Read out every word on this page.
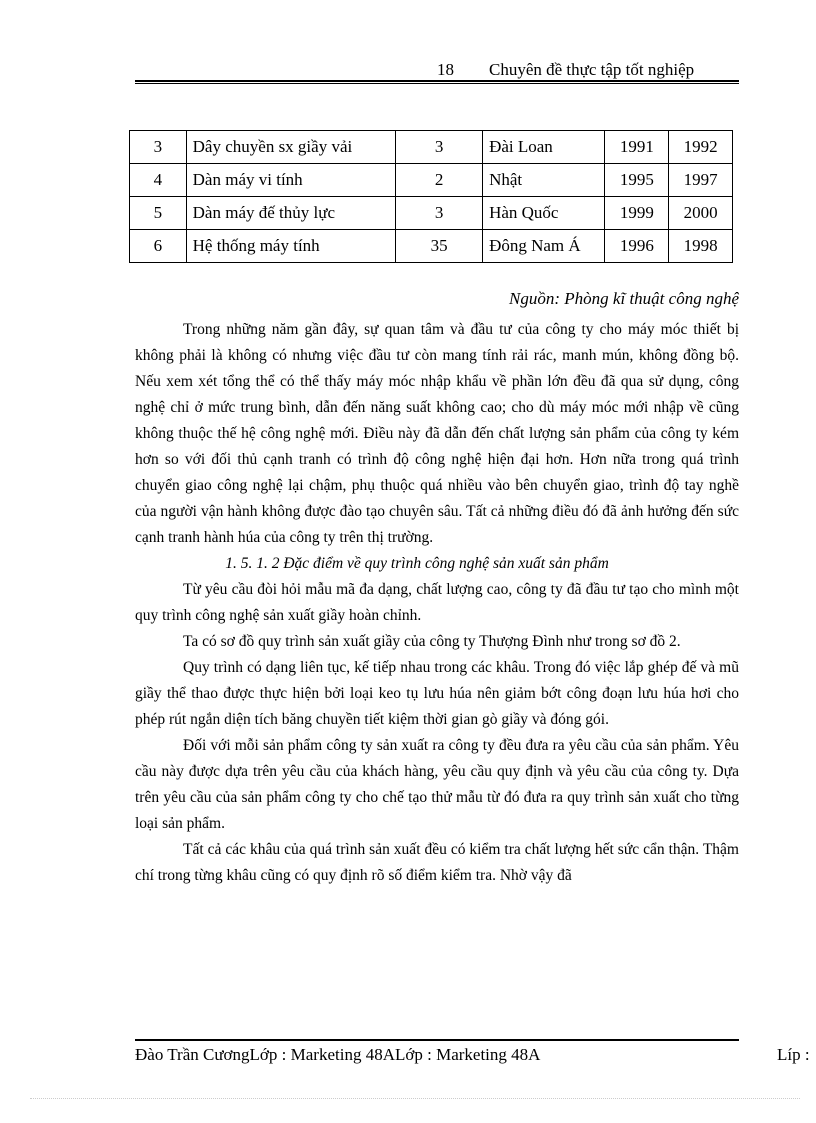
18 Chuyên đề thực tập tốt nghiệp
3	Dây chuyền sx giầy vải	3	Đài Loan	1991	1992
4	Dàn máy vi tính	2	Nhật	1995	1997
5	Dàn máy đế thủy lực	3	Hàn Quốc	1999	2000
6	Hệ thống máy tính	35	Đông Nam Á	1996	1998
Nguồn: Phòng kĩ thuật công nghệ

Trong những năm gần đây, sự quan tâm và đầu tư của công ty cho máy móc thiết bị không phải là không có nhưng việc đầu tư còn mang tính rải rác, manh mún, không đồng bộ. Nếu xem xét tổng thể có thể thấy máy móc nhập khẩu về phần lớn đều đã qua sử dụng, công nghệ chỉ ở mức trung bình, dẫn đến năng suất không cao; cho dù máy móc mới nhập về cũng không thuộc thế hệ công nghệ mới. Điều này đã dẫn đến chất lượng sản phẩm của công ty kém hơn so với đối thủ cạnh tranh có trình độ công nghệ hiện đại hơn. Hơn nữa trong quá trình chuyển giao công nghệ lại chậm, phụ thuộc quá nhiều vào bên chuyển giao, trình độ tay nghề của người vận hành không được đào tạo chuyên sâu. Tất cả những điều đó đã ảnh hưởng đến sức cạnh tranh hành húa của công ty trên thị trường.

1. 5. 1. 2 Đặc điểm về quy trình công nghệ sản xuất sản phẩm

Từ yêu cầu đòi hỏi mẫu mã đa dạng, chất lượng cao, công ty đã đầu tư tạo cho mình một quy trình công nghệ sản xuất giầy hoàn chỉnh.

Ta có sơ đồ quy trình sản xuất giầy của công ty Thượng Đình như trong sơ đồ 2.

Quy trình có dạng liên tục, kế tiếp nhau trong các khâu. Trong đó việc lắp ghép đế và mũ giầy thể thao được thực hiện bởi loại keo tụ lưu húa nên giảm bớt công đoạn lưu húa hơi cho phép rút ngắn diện tích băng chuyền tiết kiệm thời gian gò giầy và đóng gói.

Đối với mỗi sản phẩm công ty sản xuất ra công ty đều đưa ra yêu cầu của sản phẩm. Yêu cầu này được dựa trên yêu cầu của khách hàng, yêu cầu quy định và yêu cầu của công ty. Dựa trên yêu cầu của sản phẩm công ty cho chế tạo thử mẫu từ đó đưa ra quy trình sản xuất cho từng loại sản phẩm.

Tất cả các khâu của quá trình sản xuất đều có kiểm tra chất lượng hết sức cẩn thận. Thậm chí trong từng khâu cũng có quy định rõ số điểm kiểm tra. Nhờ vậy đã

Đào Trần CươngLớp : Marketing 48ALớp : Marketing 48A	Líp :
